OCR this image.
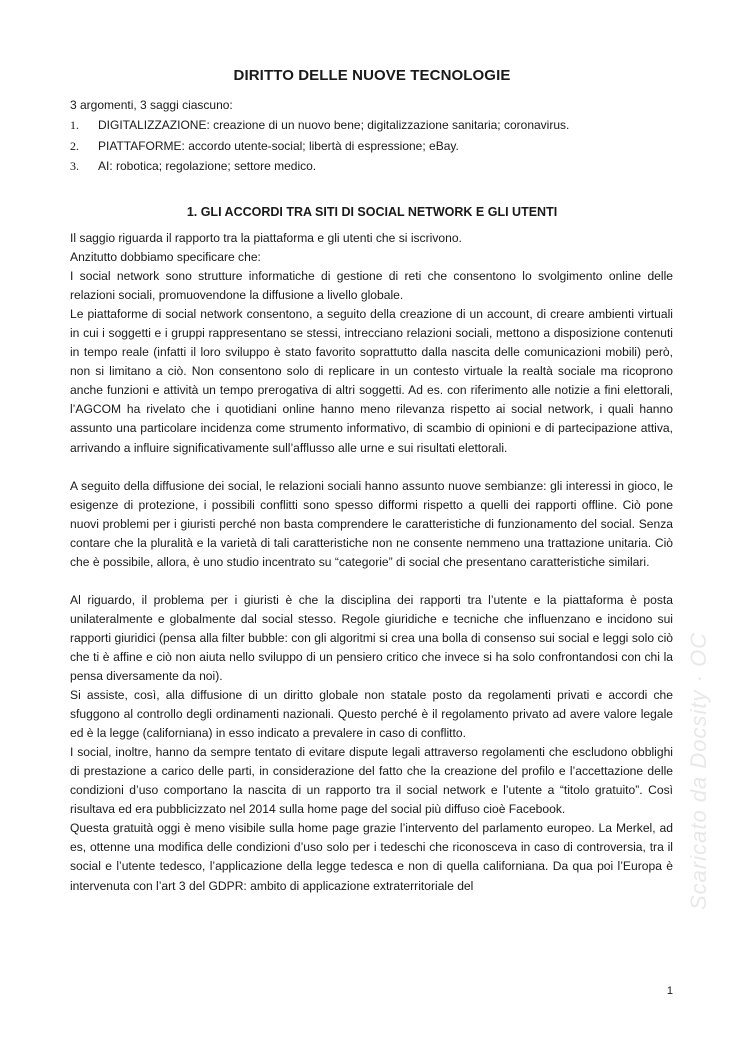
DIRITTO DELLE NUOVE TECNOLOGIE
3 argomenti, 3 saggi ciascuno:
1.	DIGITALIZZAZIONE: creazione di un nuovo bene; digitalizzazione sanitaria; coronavirus.
2.	PIATTAFORME: accordo utente-social; libertà di espressione; eBay.
3.	AI: robotica; regolazione; settore medico.
1. GLI ACCORDI TRA SITI DI SOCIAL NETWORK E GLI UTENTI

Il saggio riguarda il rapporto tra la piattaforma e gli utenti che si iscrivono.

Anzitutto dobbiamo specificare che:

I social network sono strutture informatiche di gestione di reti che consentono lo svolgimento online delle relazioni sociali, promuovendone la diffusione a livello globale.

Le piattaforme di social network consentono, a seguito della creazione di un account, di creare ambienti virtuali in cui i soggetti e i gruppi rappresentano se stessi, intrecciano relazioni sociali, mettono a disposizione contenuti in tempo reale (infatti il loro sviluppo è stato favorito soprattutto dalla nascita delle comunicazioni mobili) però, non si limitano a ciò. Non consentono solo di replicare in un contesto virtuale la realtà sociale ma ricoprono anche funzioni e attività un tempo prerogativa di altri soggetti. Ad es. con riferimento alle notizie a fini elettorali, l’AGCOM ha rivelato che i quotidiani online hanno meno rilevanza rispetto ai social network, i quali hanno assunto una particolare incidenza come strumento informativo, di scambio di opinioni e di partecipazione attiva, arrivando a influire significativamente sull’afflusso alle urne e sui risultati elettorali.

A seguito della diffusione dei social, le relazioni sociali hanno assunto nuove sembianze: gli interessi in gioco, le esigenze di protezione, i possibili conflitti sono spesso difformi rispetto a quelli dei rapporti offline. Ciò pone nuovi problemi per i giuristi perché non basta comprendere le caratteristiche di funzionamento del social. Senza contare che la pluralità e la varietà di tali caratteristiche non ne consente nemmeno una trattazione unitaria. Ciò che è possibile, allora, è uno studio incentrato su “categorie” di social che presentano caratteristiche similari.

Al riguardo, il problema per i giuristi è che la disciplina dei rapporti tra l’utente e la piattaforma è posta unilateralmente e globalmente dal social stesso. Regole giuridiche e tecniche che influenzano e incidono sui rapporti giuridici (pensa alla filter bubble: con gli algoritmi si crea una bolla di consenso sui social e leggi solo ciò che ti è affine e ciò non aiuta nello sviluppo di un pensiero critico che invece si ha solo confrontandosi con chi la pensa diversamente da noi).

Si assiste, così, alla diffusione di un diritto globale non statale posto da regolamenti privati e accordi che sfuggono al controllo degli ordinamenti nazionali. Questo perché è il regolamento privato ad avere valore legale ed è la legge (californiana) in esso indicato a prevalere in caso di conflitto.

I social, inoltre, hanno da sempre tentato di evitare dispute legali attraverso regolamenti che escludono obblighi di prestazione a carico delle parti, in considerazione del fatto che la creazione del profilo e l’accettazione delle condizioni d’uso comportano la nascita di un rapporto tra il social network e l’utente a “titolo gratuito”. Così risultava ed era pubblicizzato nel 2014 sulla home page del social più diffuso cioè Facebook.

Questa gratuità oggi è meno visibile sulla home page grazie l’intervento del parlamento europeo. La Merkel, ad es, ottenne una modifica delle condizioni d’uso solo per i tedeschi che riconosceva in caso di controversia, tra il social e l’utente tedesco, l’applicazione della legge tedesca e non di quella californiana. Da qua poi l’Europa è intervenuta con l’art 3 del GDPR: ambito di applicazione extraterritoriale del	Scaricato da Docsity · OC
1
